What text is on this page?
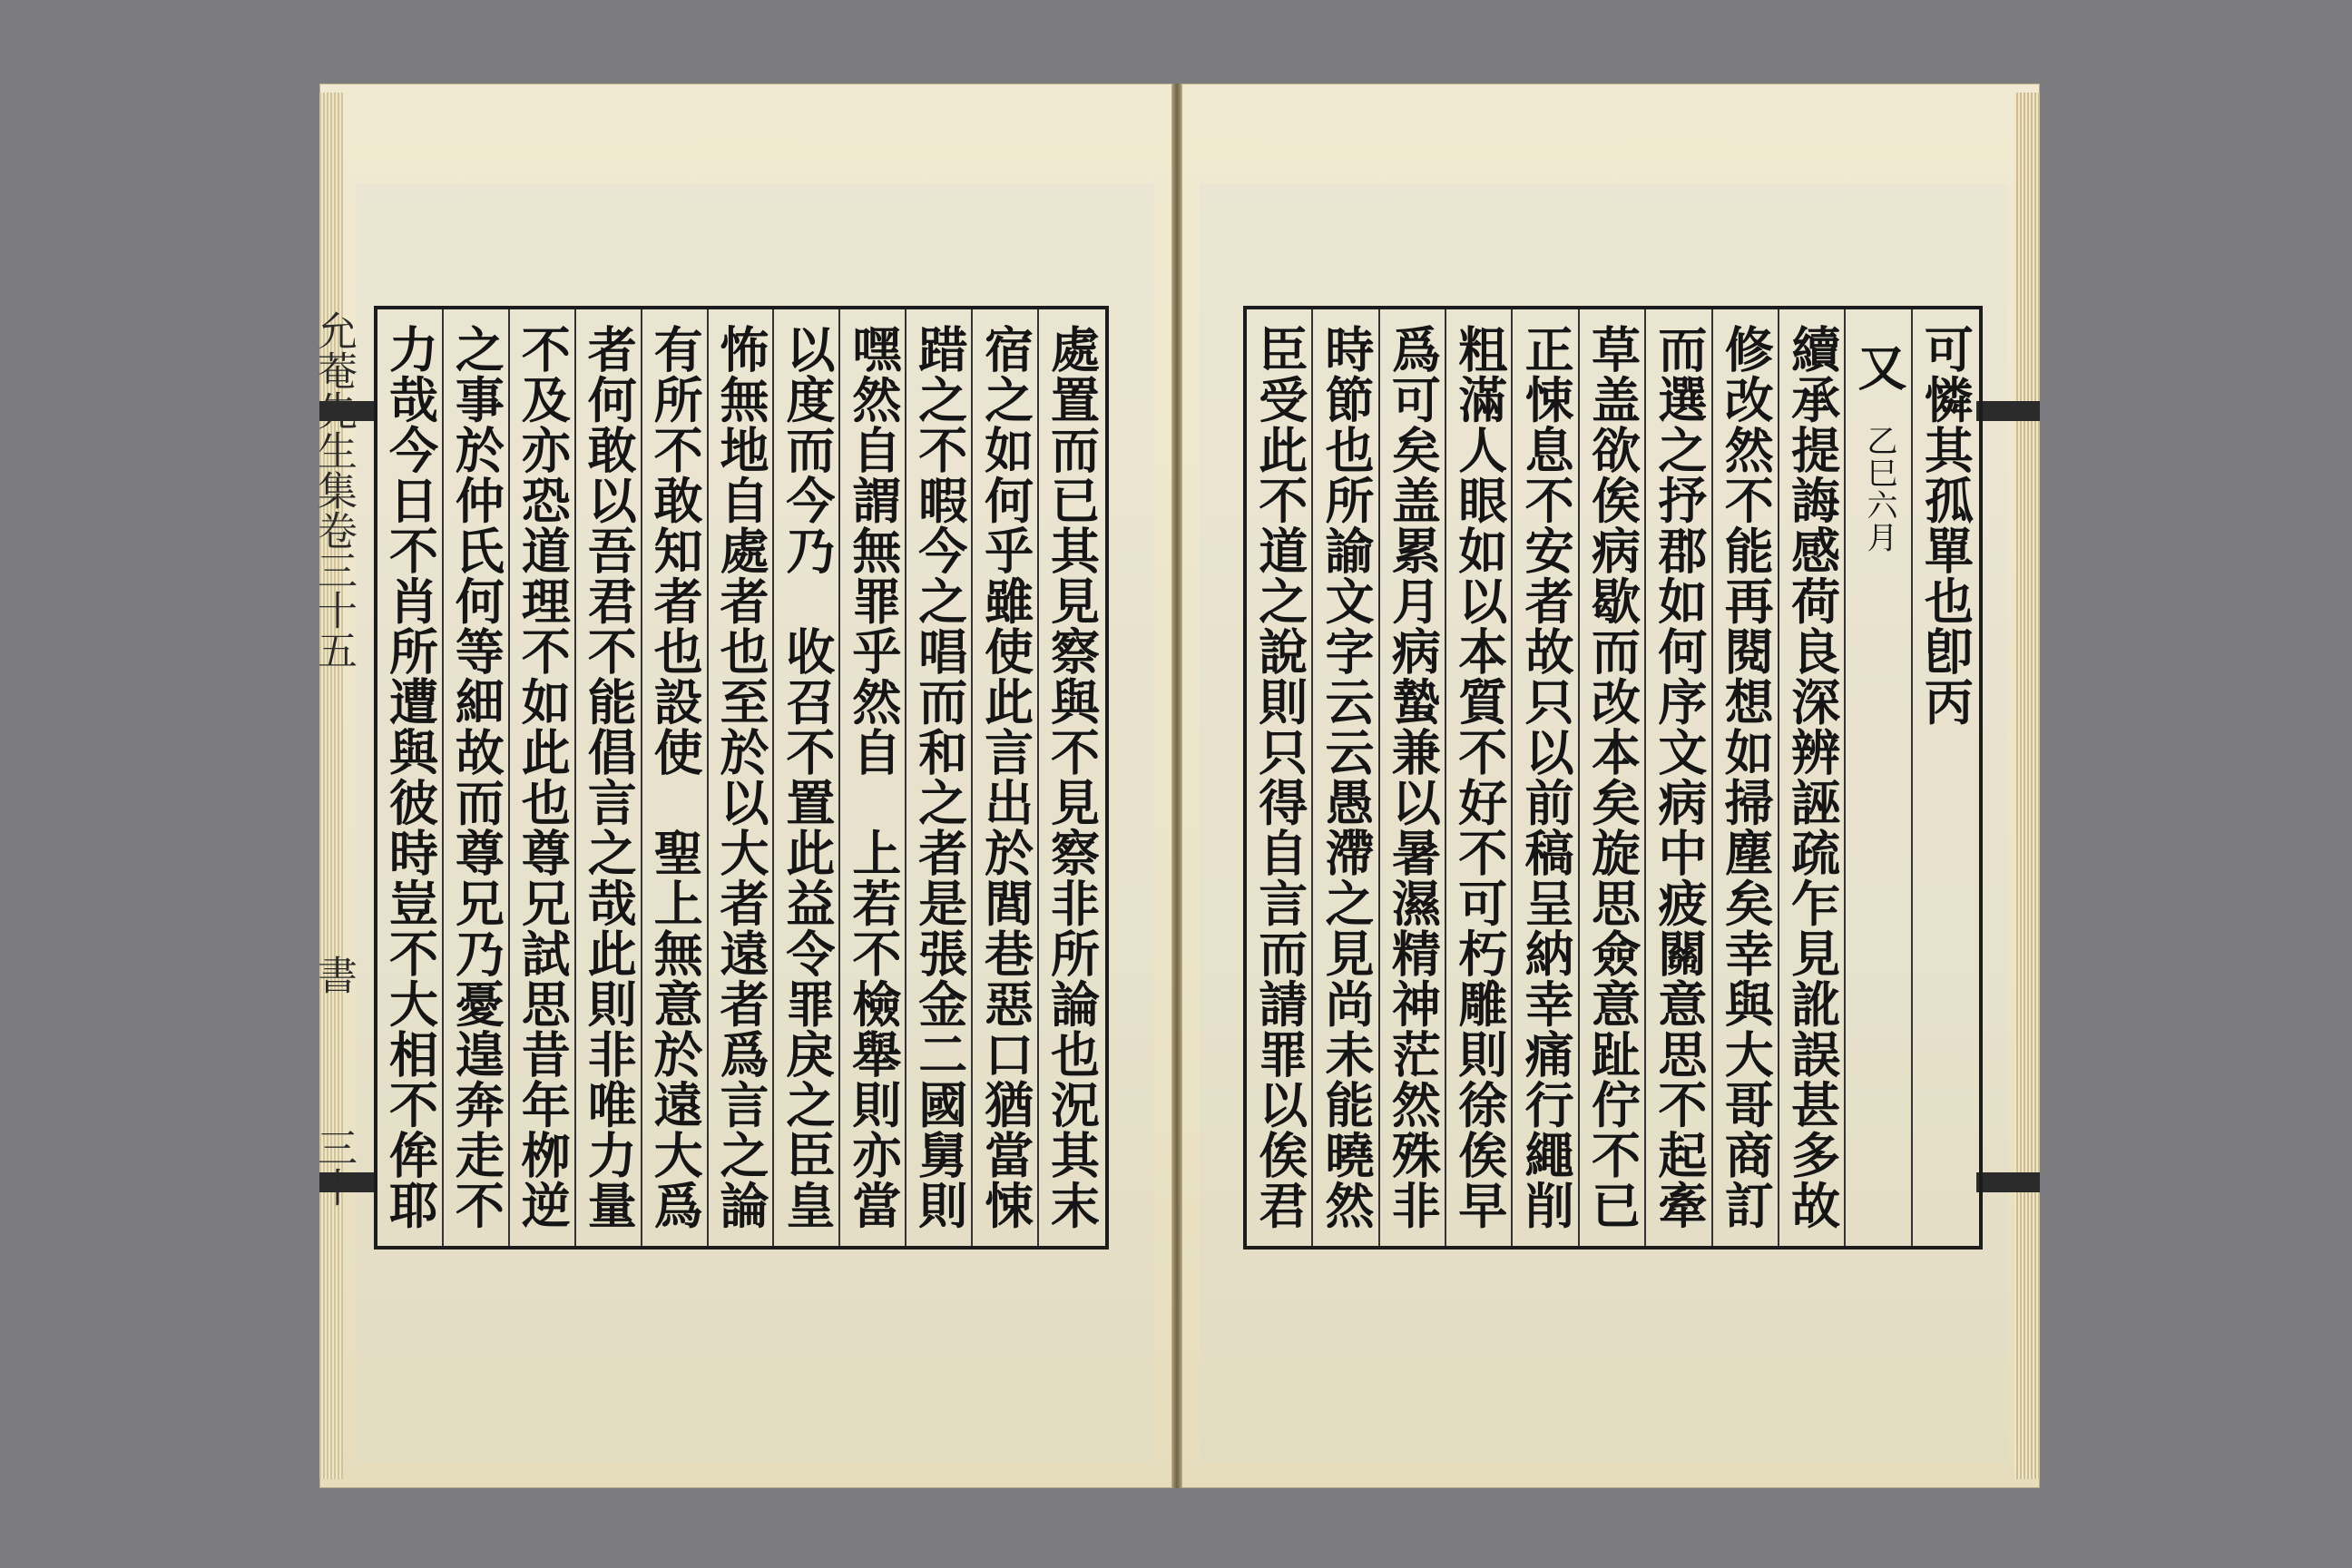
處置而已其見察與不見察非所論也況其末
宿之如何乎雖使此言出於閭巷惡口猶當悚
踖之不暇今之唱而和之者是張金二國舅則
嘿然自謂無罪乎然自　上若不檢舉則亦當
以度而今乃　收召不置此益令罪戾之臣皇
怖無地自處者也至於以大者遠者爲言之論
有所不敢知者也設使　聖上無意於遠大爲
者何敢以吾君不能倡言之哉此則非唯力量
不及亦恐道理不如此也尊兄試思昔年栁逆
之事於仲氏何等細故而尊兄乃憂遑奔走不
力哉今日不肖所遭與彼時豈不大相不侔耶
允菴先生集卷三十五
書
三十
可憐其孤單也卽丙
又　乙巳六月
續承提誨感荷良深辨誣疏乍見訛誤甚多故
修改然不能再閱想如掃塵矣幸與大哥商訂
而選之抒郡如何序文病中疲關意思不起牽
草盖欲俟病歇而改本矣旋思僉意趾佇不已
正悚息不安者故只以前稿呈納幸痛行繩削
粗滿人眼如以本質不好不可朽雕則徐俟早
爲可矣盖累月病蟄兼以暑濕精神茫然殊非
時節也所諭文字云云愚滯之見尚未能曉然
臣受此不道之說則只得自言而請罪以俟君
